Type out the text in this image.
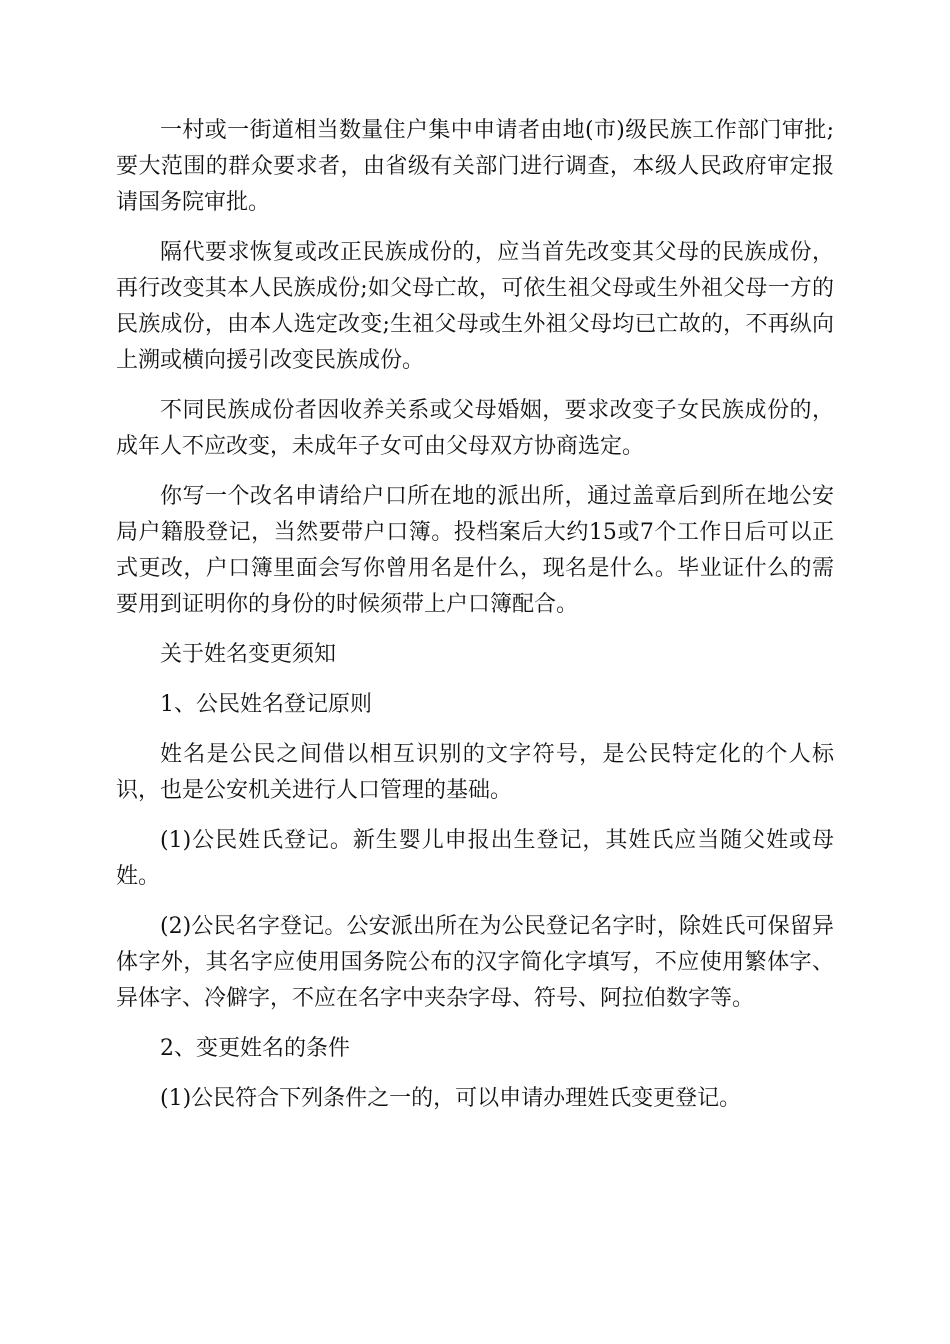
一村或一街道相当数量住户集中申请者由地(市)级民族工作部门审批;要大范围的群众要求者，由省级有关部门进行调查，本级人民政府审定报请国务院审批。

隔代要求恢复或改正民族成份的，应当首先改变其父母的民族成份，再行改变其本人民族成份;如父母亡故，可依生祖父母或生外祖父母一方的民族成份，由本人选定改变;生祖父母或生外祖父母均已亡故的，不再纵向上溯或横向援引改变民族成份。

不同民族成份者因收养关系或父母婚姻，要求改变子女民族成份的，成年人不应改变，未成年子女可由父母双方协商选定。

你写一个改名申请给户口所在地的派出所，通过盖章后到所在地公安局户籍股登记，当然要带户口簿。投档案后大约15或7个工作日后可以正式更改，户口簿里面会写你曾用名是什么，现名是什么。毕业证什么的需要用到证明你的身份的时候须带上户口簿配合。

关于姓名变更须知

1、公民姓名登记原则

姓名是公民之间借以相互识别的文字符号，是公民特定化的个人标识，也是公安机关进行人口管理的基础。

(1)公民姓氏登记。新生婴儿申报出生登记，其姓氏应当随父姓或母姓。

(2)公民名字登记。公安派出所在为公民登记名字时，除姓氏可保留异体字外，其名字应使用国务院公布的汉字简化字填写，不应使用繁体字、异体字、冷僻字，不应在名字中夹杂字母、符号、阿拉伯数字等。

2、变更姓名的条件

(1)公民符合下列条件之一的，可以申请办理姓氏变更登记。
